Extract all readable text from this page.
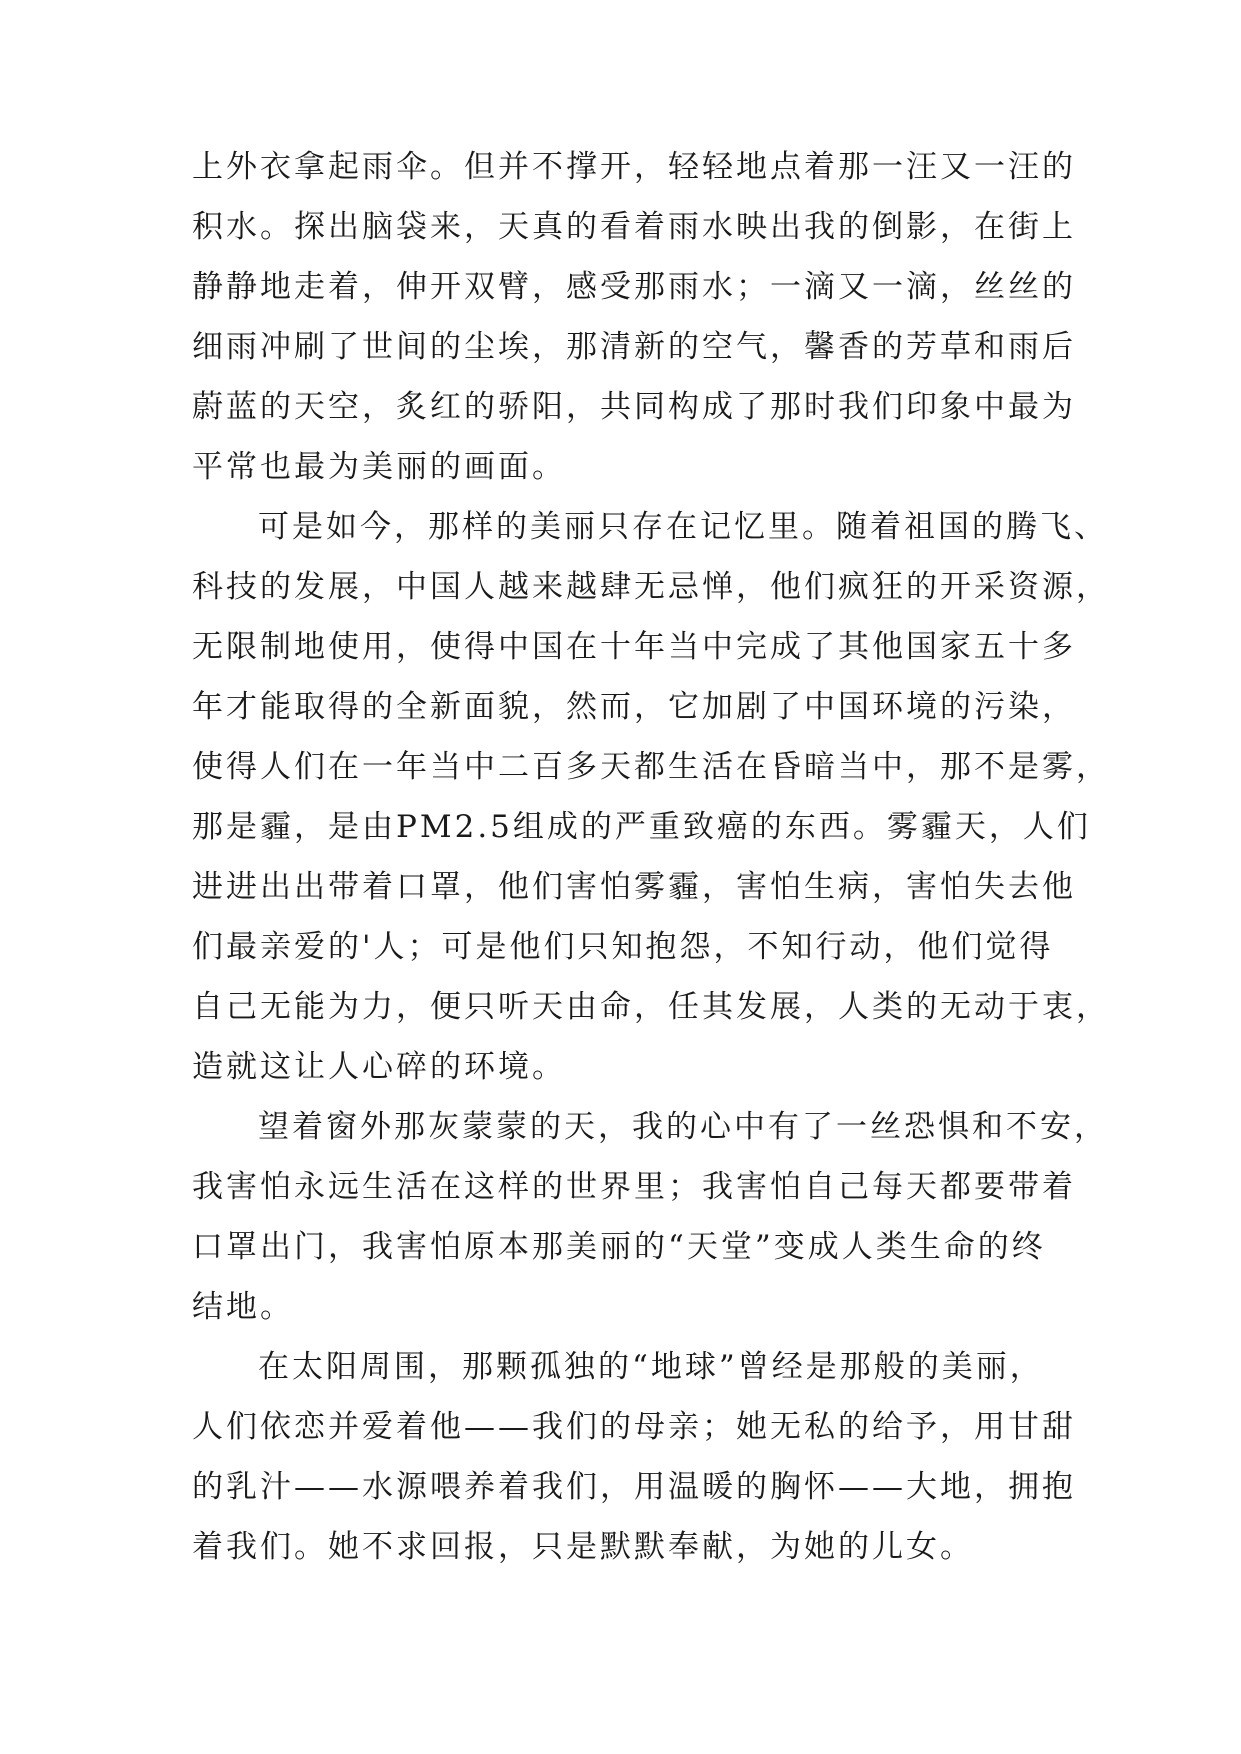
上外衣拿起雨伞。但并不撑开，轻轻地点着那一汪又一汪的
积水。探出脑袋来，天真的看着雨水映出我的倒影，在街上
静静地走着，伸开双臂，感受那雨水；一滴又一滴，丝丝的
细雨冲刷了世间的尘埃，那清新的空气，馨香的芳草和雨后
蔚蓝的天空，炙红的骄阳，共同构成了那时我们印象中最为
平常也最为美丽的画面。
可是如今，那样的美丽只存在记忆里。随着祖国的腾飞、
科技的发展，中国人越来越肆无忌惮，他们疯狂的开采资源，
无限制地使用，使得中国在十年当中完成了其他国家五十多
年才能取得的全新面貌，然而，它加剧了中国环境的污染，
使得人们在一年当中二百多天都生活在昏暗当中，那不是雾，
那是霾，是由PM2.5组成的严重致癌的东西。雾霾天，人们
进进出出带着口罩，他们害怕雾霾，害怕生病，害怕失去他
们最亲爱的'人；可是他们只知抱怨，不知行动，他们觉得
自己无能为力，便只听天由命，任其发展，人类的无动于衷，
造就这让人心碎的环境。
望着窗外那灰蒙蒙的天，我的心中有了一丝恐惧和不安，
我害怕永远生活在这样的世界里；我害怕自己每天都要带着
口罩出门，我害怕原本那美丽的“天堂”变成人类生命的终
结地。
在太阳周围，那颗孤独的“地球”曾经是那般的美丽，
人们依恋并爱着他——我们的母亲；她无私的给予，用甘甜
的乳汁——水源喂养着我们，用温暖的胸怀——大地，拥抱
着我们。她不求回报，只是默默奉献，为她的儿女。
